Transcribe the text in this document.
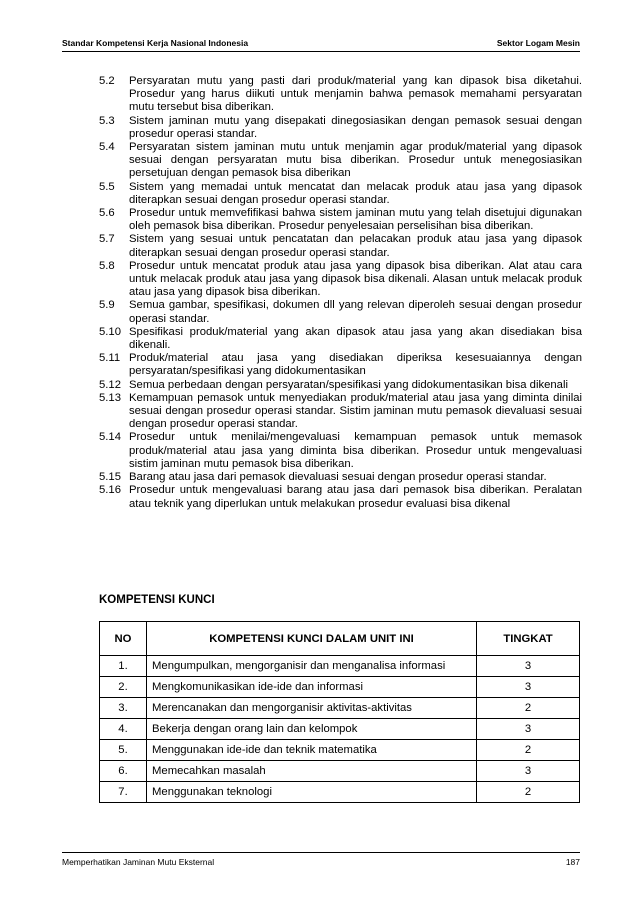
Standar Kompetensi Kerja Nasional Indonesia	Sektor Logam Mesin
5.2	Persyaratan mutu yang pasti dari produk/material yang kan dipasok bisa diketahui. Prosedur yang harus diikuti untuk menjamin bahwa pemasok memahami persyaratan mutu tersebut bisa diberikan.
5.3	Sistem jaminan mutu yang disepakati dinegosiasikan dengan pemasok sesuai dengan prosedur operasi standar.
5.4	Persyaratan sistem jaminan mutu untuk menjamin agar produk/material yang dipasok sesuai dengan persyaratan mutu bisa diberikan. Prosedur untuk menegosiasikan persetujuan dengan pemasok bisa diberikan
5.5	Sistem yang memadai untuk mencatat dan melacak produk atau jasa yang dipasok diterapkan sesuai dengan prosedur operasi standar.
5.6	Prosedur untuk memvefifikasi bahwa sistem jaminan mutu yang telah disetujui digunakan oleh pemasok bisa diberikan. Prosedur penyelesaian perselisihan bisa diberikan.
5.7	Sistem yang sesuai untuk pencatatan dan pelacakan produk atau jasa yang dipasok diterapkan sesuai dengan prosedur operasi standar.
5.8	Prosedur untuk mencatat produk atau jasa yang dipasok bisa diberikan. Alat atau cara untuk melacak produk atau jasa yang dipasok bisa dikenali. Alasan untuk melacak produk atau jasa yang dipasok bisa diberikan.
5.9	Semua gambar, spesifikasi, dokumen dll yang relevan diperoleh sesuai dengan prosedur operasi standar.
5.10 Spesifikasi produk/material yang akan dipasok atau jasa yang akan disediakan bisa dikenali.
5.11 Produk/material atau jasa yang disediakan diperiksa kesesuaiannya dengan persyaratan/spesifikasi yang didokumentasikan
5.12 Semua perbedaan dengan persyaratan/spesifikasi yang didokumentasikan bisa dikenali
5.13 Kemampuan pemasok untuk menyediakan produk/material atau jasa yang diminta dinilai sesuai dengan prosedur operasi standar. Sistim jaminan mutu pemasok dievaluasi sesuai dengan prosedur operasi standar.
5.14 Prosedur untuk menilai/mengevaluasi kemampuan pemasok untuk memasok produk/material atau jasa yang diminta bisa diberikan. Prosedur untuk mengevaluasi sistim jaminan mutu pemasok bisa diberikan.
5.15 Barang atau jasa dari pemasok dievaluasi sesuai dengan prosedur operasi standar.
5.16 Prosedur untuk mengevaluasi barang atau jasa dari pemasok bisa diberikan. Peralatan atau teknik yang diperlukan untuk melakukan prosedur evaluasi bisa dikenal
KOMPETENSI KUNCI
NO	KOMPETENSI KUNCI DALAM UNIT INI	TINGKAT
1.	Mengumpulkan, mengorganisir dan menganalisa informasi	3
2.	Mengkomunikasikan ide-ide dan informasi	3
3.	Merencanakan dan mengorganisir aktivitas-aktivitas	2
4.	Bekerja dengan orang lain dan kelompok	3
5.	Menggunakan ide-ide dan teknik matematika	2
6.	Memecahkan masalah	3
7.	Menggunakan teknologi	2
Memperhatikan Jaminan Mutu Eksternal	187
